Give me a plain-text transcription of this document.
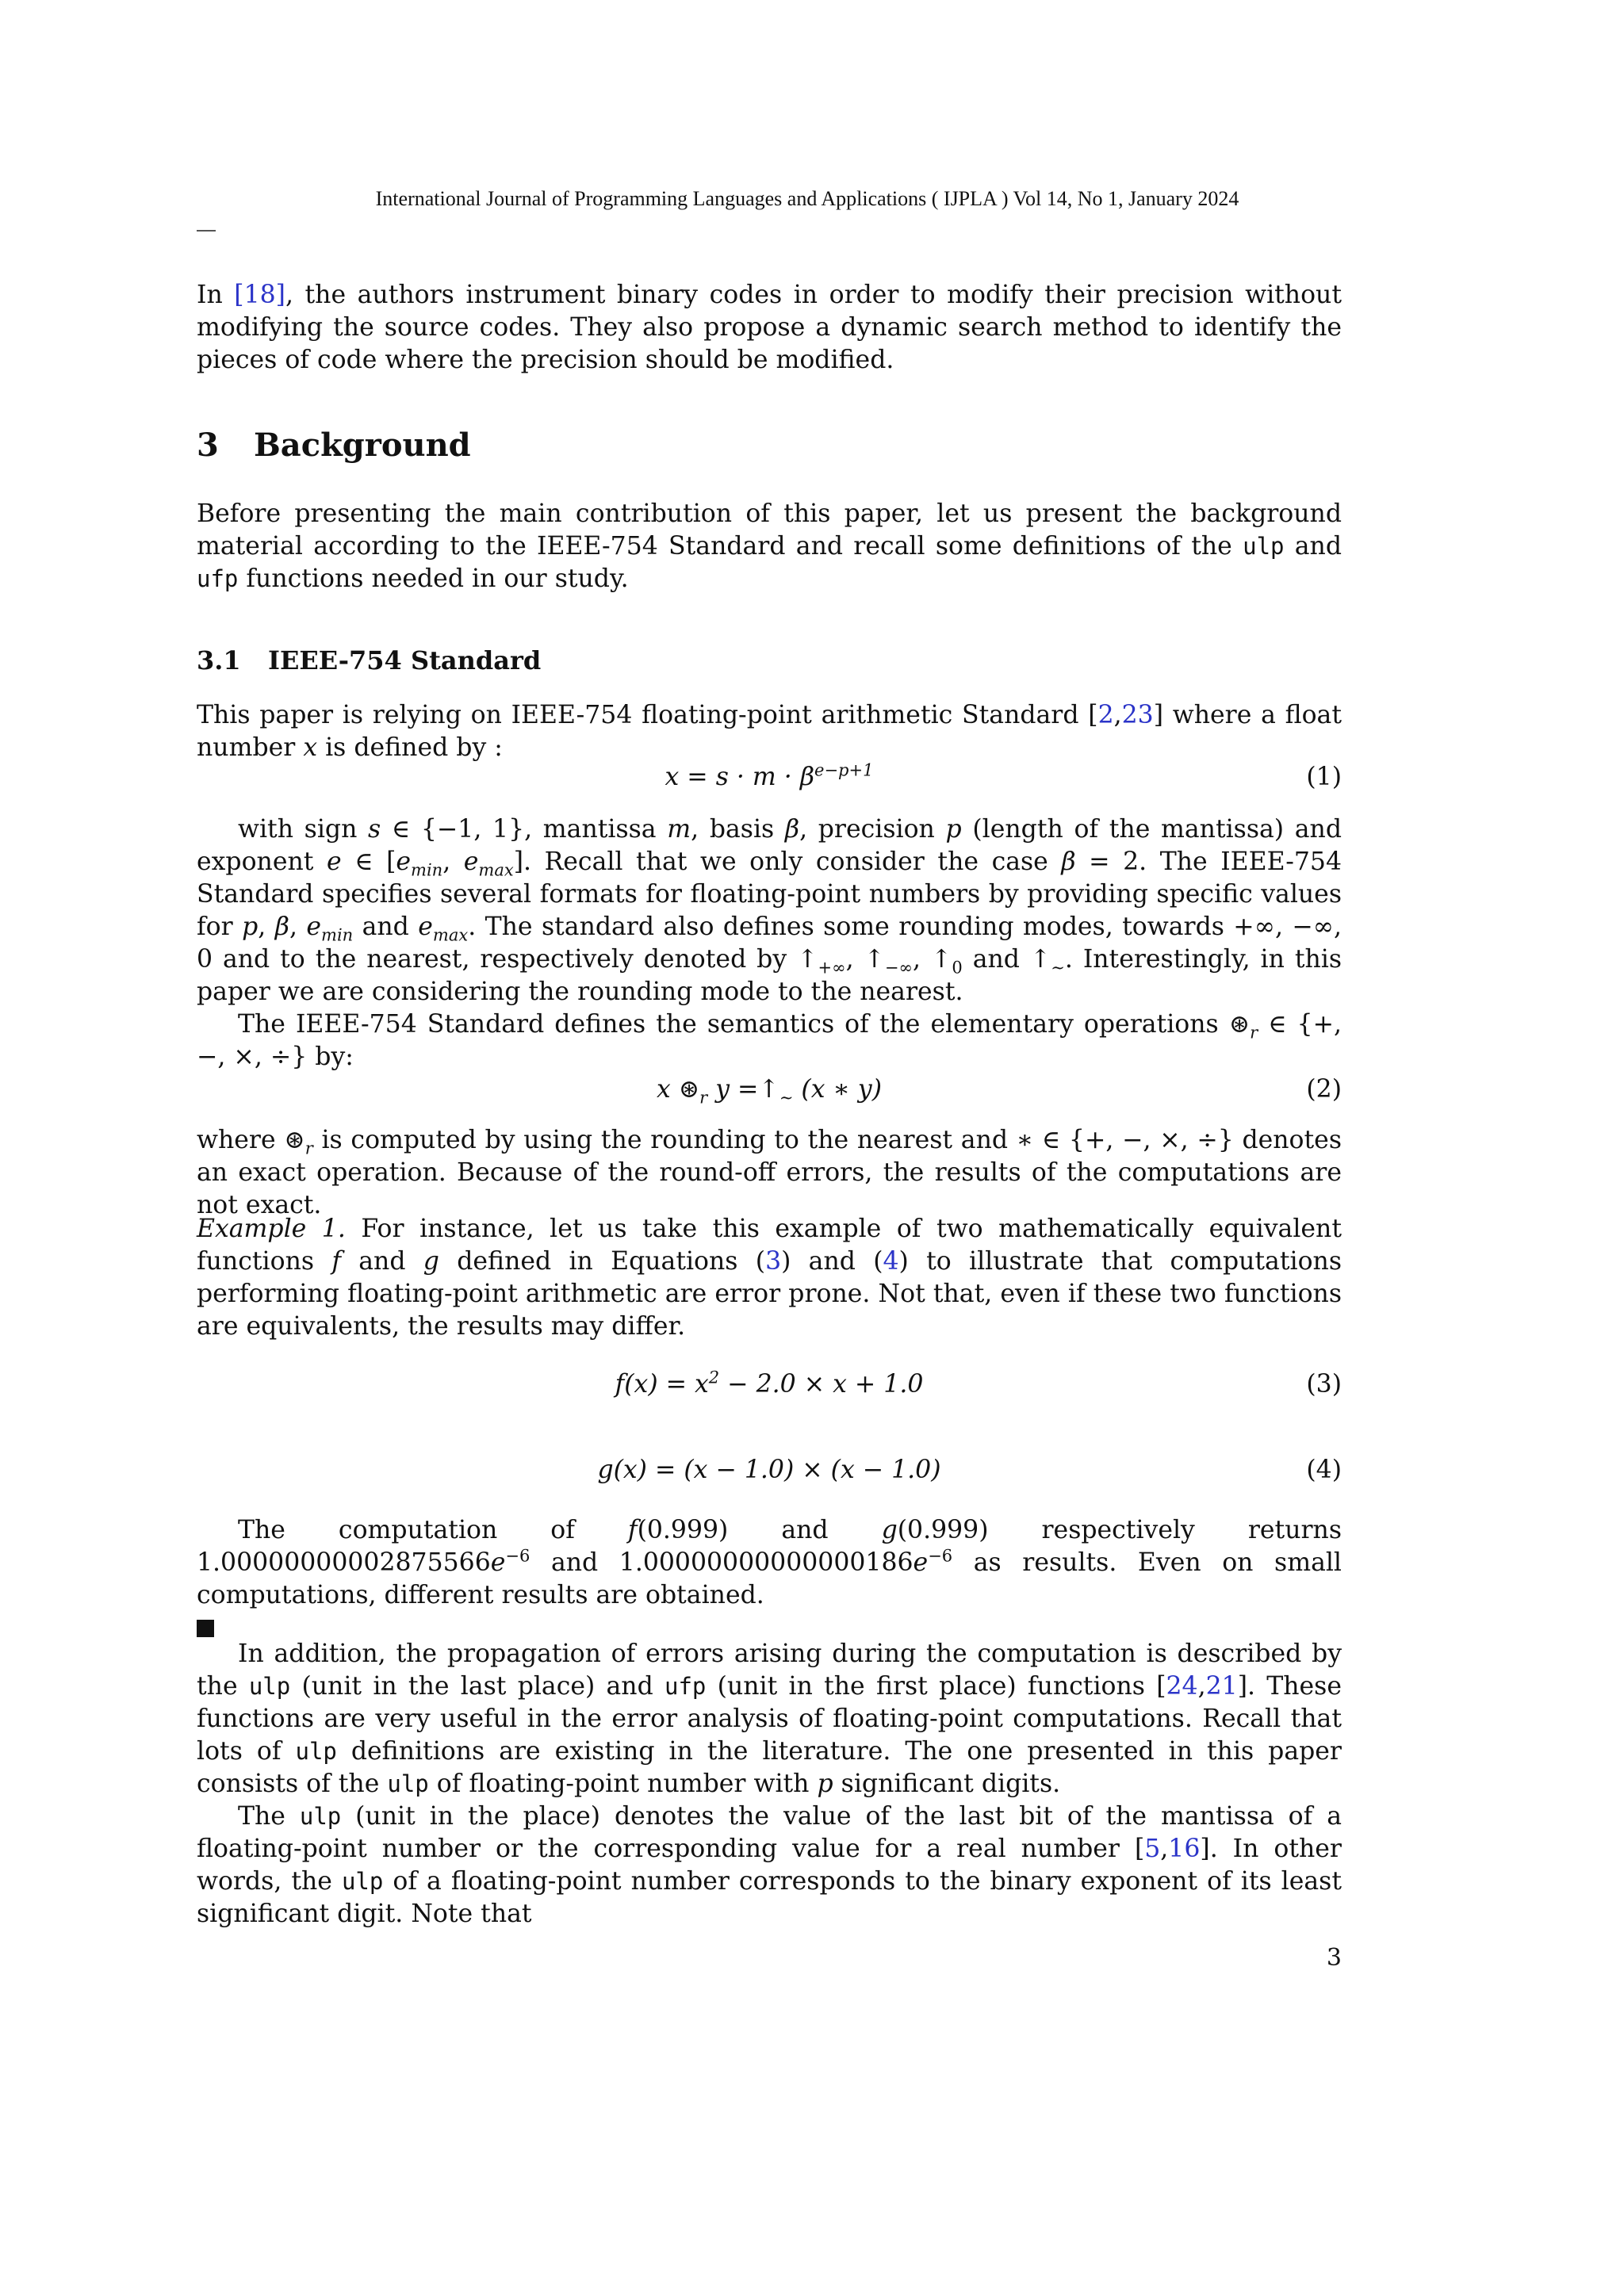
International Journal of Programming Languages and Applications ( IJPLA ) Vol 14, No 1, January 2024

In [18], the authors instrument binary codes in order to modify their precision without modifying the source codes. They also propose a dynamic search method to identify the pieces of code where the precision should be modified.

3 Background

Before presenting the main contribution of this paper, let us present the background material according to the IEEE-754 Standard and recall some definitions of the ulp and ufp functions needed in our study.

3.1 IEEE-754 Standard

This paper is relying on IEEE-754 floating-point arithmetic Standard [2,23] where a float number x is defined by :

$x = s \cdot m \cdot \beta^{e-p+1}$	(1)

with sign s ∈ {−1, 1}, mantissa m, basis β, precision p (length of the mantissa) and exponent e ∈ [$e_{min}$, $e_{max}$]. Recall that we only consider the case β = 2. The IEEE-754 Standard specifies several formats for floating-point numbers by providing specific values for p, β, $e_{min}$ and $e_{max}$. The standard also defines some rounding modes, towards +∞, −∞, 0 and to the nearest, respectively denoted by $↑_{+\infty}$, $↑_{-\infty}$, $↑_0$ and $↑_\sim$. Interestingly, in this paper we are considering the rounding mode to the nearest.

The IEEE-754 Standard defines the semantics of the elementary operations $⊛_r$ ∈ {+, −, ×, ÷} by:

x $⊛_r$ $y =↑_\sim$ (x ∗ y)	(2)

where $⊛_r$ is computed by using the rounding to the nearest and ∗ ∈ {+, −, ×, ÷} denotes an exact operation. Because of the round-off errors, the results of the computations are not exact.

Example 1. For instance, let us take this example of two mathematically equivalent functions f and g defined in Equations (3) and (4) to illustrate that computations performing floating-point arithmetic are error prone. Not that, even if these two functions are equivalents, the results may differ.

$f(x) = x^2 - 2.0 \times x + 1.0$	(3)
g(x) = (x − 1.0) × (x − 1.0)	(4)

The computation of f(0.999) and g(0.999) respectively returns $1.00000000002875566e^{-6}$ and $1.00000000000000186e^{-6}$ as results. Even on small computations, different results are obtained.

In addition, the propagation of errors arising during the computation is described by the ulp (unit in the last place) and ufp (unit in the first place) functions [24,21]. These functions are very useful in the error analysis of floating-point computations. Recall that lots of ulp definitions are existing in the literature. The one presented in this paper consists of the ulp of floating-point number with p significant digits.

The ulp (unit in the place) denotes the value of the last bit of the mantissa of a floating-point number or the corresponding value for a real number [5,16]. In other words, the ulp of a floating-point number corresponds to the binary exponent of its least significant digit. Note that

3
